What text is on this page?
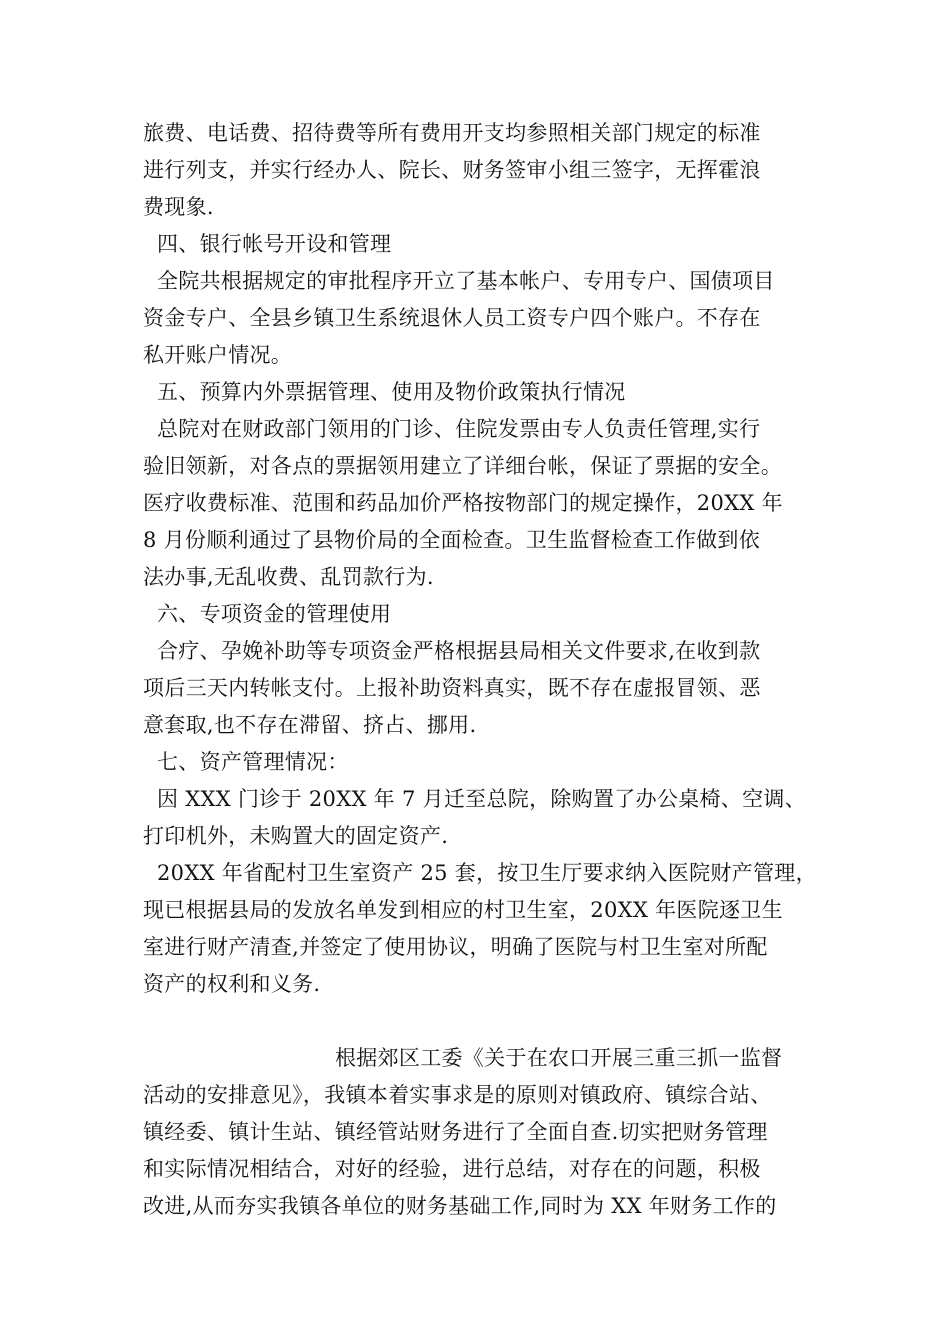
旅费、电话费、招待费等所有费用开支均参照相关部门规定的标准
进行列支，并实行经办人、院长、财务签审小组三签字，无挥霍浪
费现象.
四、银行帐号开设和管理
全院共根据规定的审批程序开立了基本帐户、专用专户、国债项目
资金专户、全县乡镇卫生系统退休人员工资专户四个账户。不存在
私开账户情况。
五、预算内外票据管理、使用及物价政策执行情况
总院对在财政部门领用的门诊、住院发票由专人负责任管理,实行
验旧领新，对各点的票据领用建立了详细台帐，保证了票据的安全。
医疗收费标准、范围和药品加价严格按物部门的规定操作，20XX 年
8 月份顺利通过了县物价局的全面检查。卫生监督检查工作做到依
法办事,无乱收费、乱罚款行为.
六、专项资金的管理使用
合疗、孕娩补助等专项资金严格根据县局相关文件要求,在收到款
项后三天内转帐支付。上报补助资料真实，既不存在虚报冒领、恶
意套取,也不存在滞留、挤占、挪用.
七、资产管理情况：
因 XXX 门诊于 20XX 年 7 月迁至总院，除购置了办公桌椅、空调、
打印机外，未购置大的固定资产.
20XX 年省配村卫生室资产 25 套，按卫生厅要求纳入医院财产管理，
现已根据县局的发放名单发到相应的村卫生室，20XX 年医院逐卫生
室进行财产清查,并签定了使用协议，明确了医院与村卫生室对所配
资产的权利和义务.
根据郊区工委《关于在农口开展三重三抓一监督
活动的安排意见》，我镇本着实事求是的原则对镇政府、镇综合站、
镇经委、镇计生站、镇经管站财务进行了全面自查.切实把财务管理
和实际情况相结合，对好的经验，进行总结，对存在的问题，积极
改进,从而夯实我镇各单位的财务基础工作,同时为 XX 年财务工作的
